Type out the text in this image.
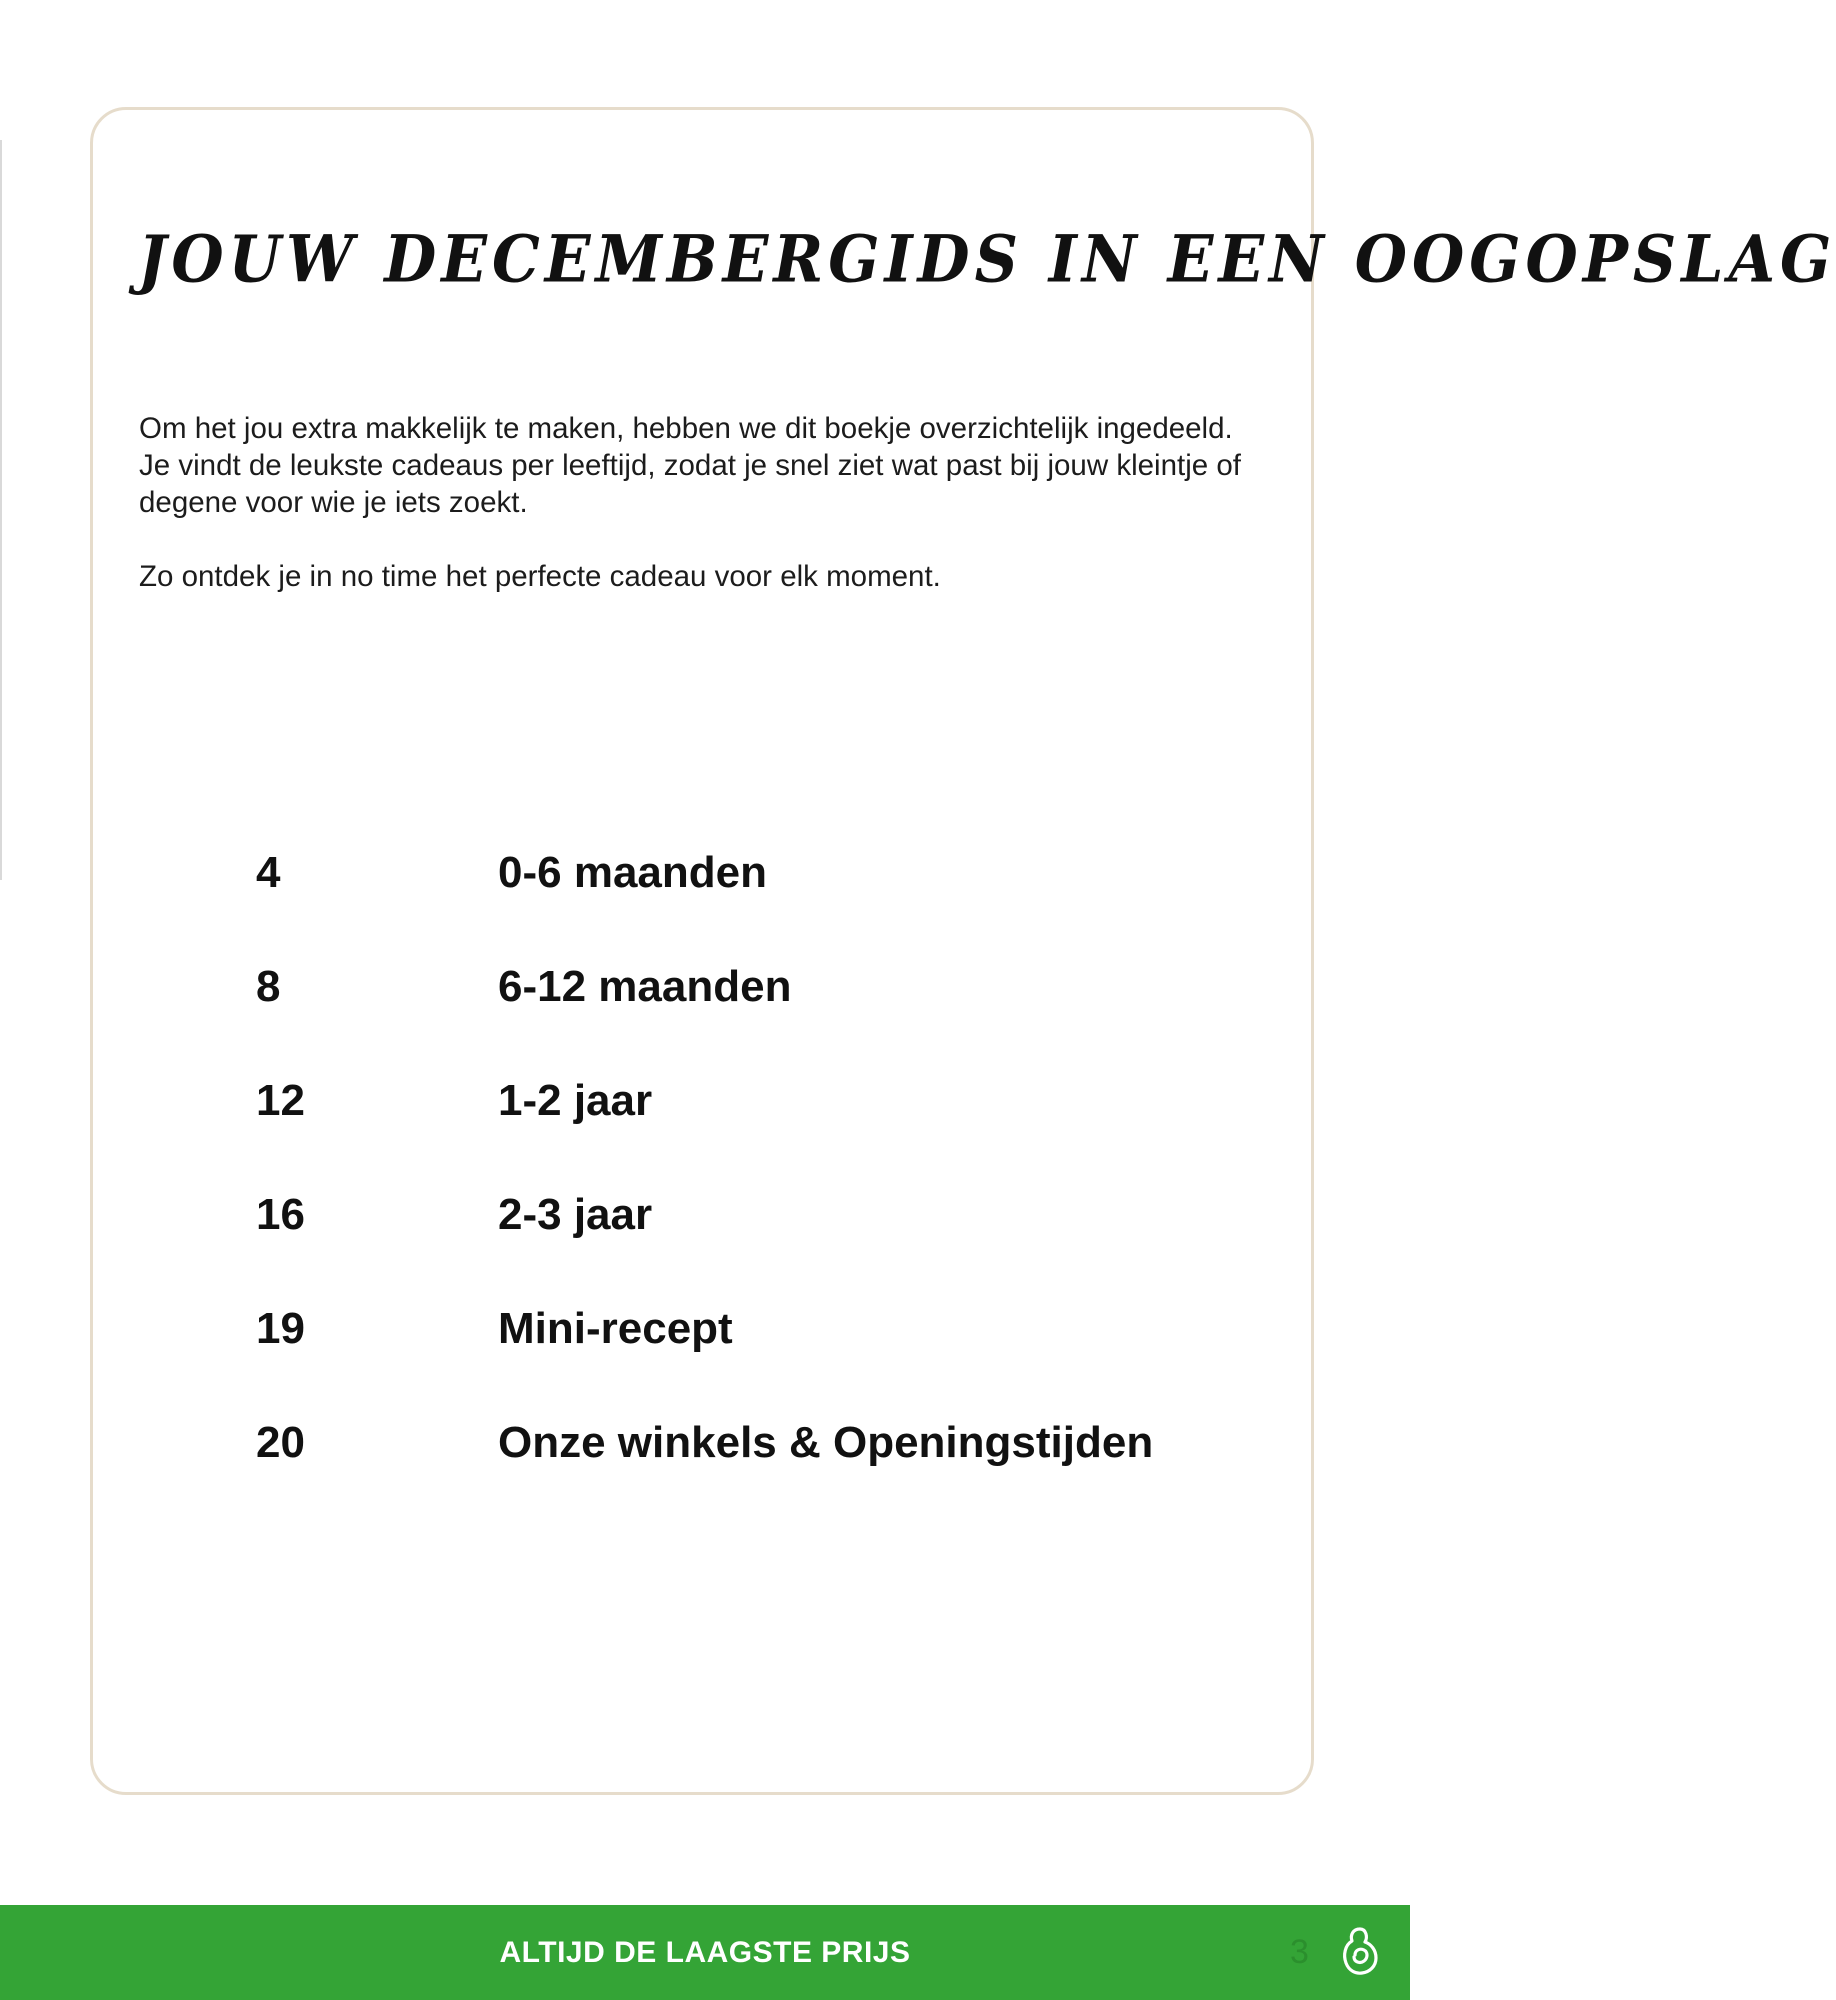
JOUW DECEMBERGIDS IN EEN OOGOPSLAG

Om het jou extra makkelijk te maken, hebben we dit boekje overzichtelijk ingedeeld. Je vindt de leukste cadeaus per leeftijd, zodat je snel ziet wat past bij jouw kleintje of degene voor wie je iets zoekt.

Zo ontdek je in no time het perfecte cadeau voor elk moment.

4	0-6 maanden
8	6-12 maanden
12	1-2 jaar
16	2-3 jaar
19	Mini-recept
20	Onze winkels & Openingstijden
ALTIJD DE LAAGSTE PRIJS	3
